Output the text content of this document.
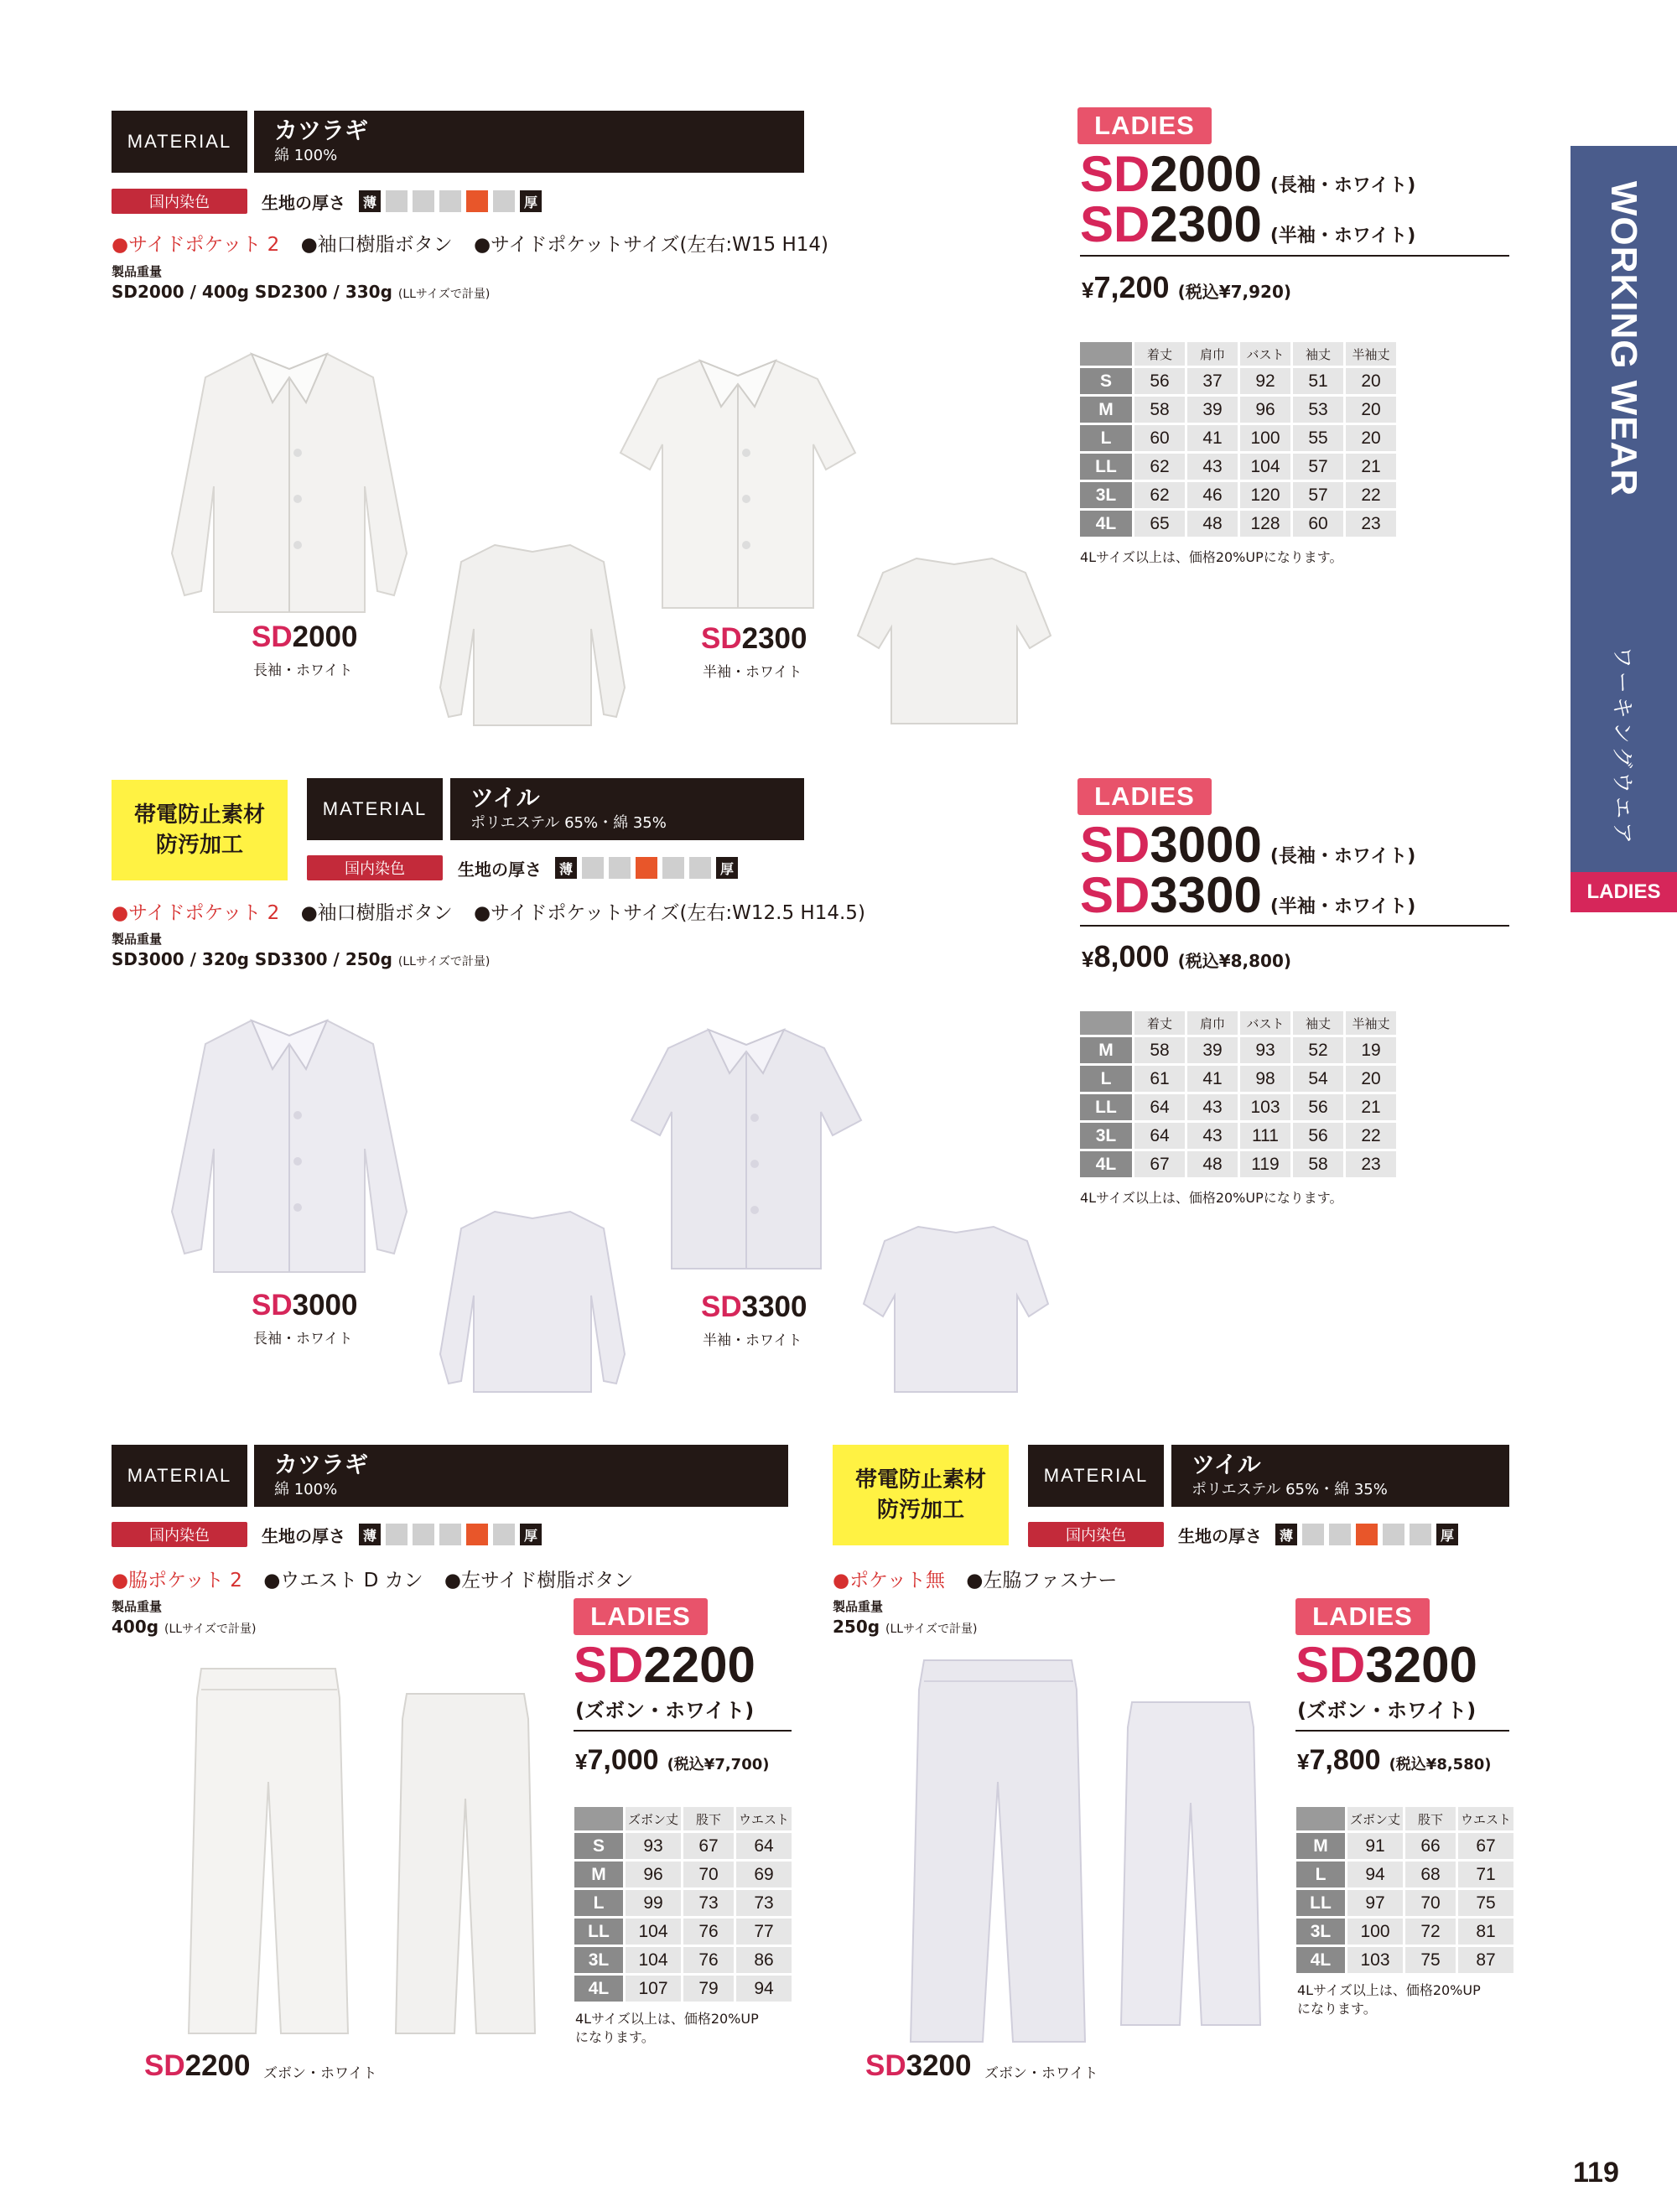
WORKING WEAR
ワーキングウエア
LADIES
MATERIAL	カツラギ
綿 100%
国内染色	生地の厚さ	薄	厚
● サイドポケット 2 ● 袖口樹脂ボタン ● サイドポケットサイズ(左右:W15 H14)
製品重量
SD2000 / 400g SD2300 / 330g (LLサイズで計量)
LADIES
SD2000 (長袖・ホワイト)
SD2300 (半袖・ホワイト)
¥7,200 (税込¥7,920)
	着丈	肩巾	バスト	袖丈	半袖丈
S	56	37	92	51	20
M	58	39	96	53	20
L	60	41	100	55	20
LL	62	43	104	57	21
3L	62	46	120	57	22
4L	65	48	128	60	23
4Lサイズ以上は、価格20%UPになります。
SD2000
長袖・ホワイト
SD2300
半袖・ホワイト
帯電防止素材
防汚加工
MATERIAL	ツイル
ポリエステル 65%・綿 35%
国内染色	生地の厚さ	薄	厚
● サイドポケット 2 ● 袖口樹脂ボタン ● サイドポケットサイズ(左右:W12.5 H14.5)
製品重量
SD3000 / 320g SD3300 / 250g (LLサイズで計量)
LADIES
SD3000 (長袖・ホワイト)
SD3300 (半袖・ホワイト)
¥8,000 (税込¥8,800)
	着丈	肩巾	バスト	袖丈	半袖丈
M	58	39	93	52	19
L	61	41	98	54	20
LL	64	43	103	56	21
3L	64	43	111	56	22
4L	67	48	119	58	23
4Lサイズ以上は、価格20%UPになります。
SD3000
長袖・ホワイト
SD3300
半袖・ホワイト
MATERIAL	カツラギ
綿 100%
国内染色	生地の厚さ	薄	厚
● 脇ポケット 2 ● ウエスト D カン ● 左サイド樹脂ボタン
製品重量
400g (LLサイズで計量)	LADIES
SD2200
(ズボン・ホワイト)
¥7,000 (税込¥7,700)
	ズボン丈	股下	ウエスト
S	93	67	64
M	96	70	69
L	99	73	73
LL	104	76	77
3L	104	76	86
4L	107	79	94
4Lサイズ以上は、価格20%UP
になります。
SD2200 ズボン・ホワイト
帯電防止素材
防汚加工
MATERIAL	ツイル
ポリエステル 65%・綿 35%
国内染色	生地の厚さ	薄	厚
● ポケット無 ● 左脇ファスナー
製品重量
250g (LLサイズで計量)	LADIES
SD3200
(ズボン・ホワイト)
¥7,800 (税込¥8,580)
	ズボン丈	股下	ウエスト
M	91	66	67
L	94	68	71
LL	97	70	75
3L	100	72	81
4L	103	75	87
4Lサイズ以上は、価格20%UP
になります。
SD3200 ズボン・ホワイト
119
